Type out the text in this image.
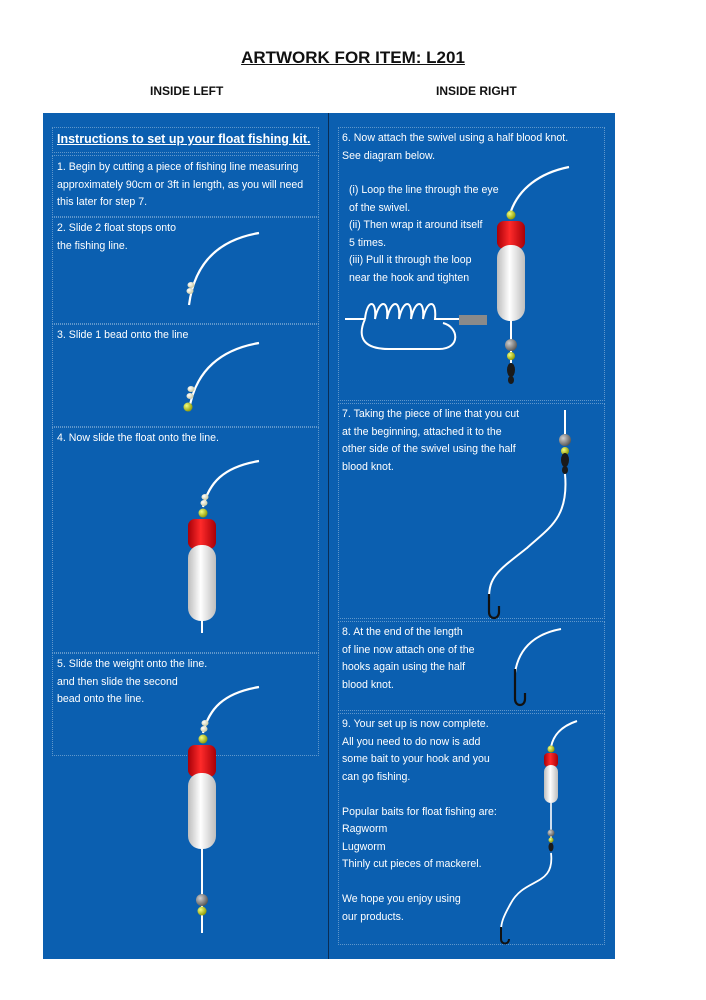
ARTWORK FOR ITEM: L201
INSIDE LEFT	INSIDE RIGHT
Instructions to set up your float fishing kit.
1. Begin by cutting a piece of fishing line measuring
approximately 90cm or 3ft in length, as you will need
this later for step 7.
2. Slide 2 float stops onto
the fishing line.
3. Slide 1 bead onto the line
4. Now slide the float onto the line.
5. Slide the weight onto the line.
and then slide the second
bead onto the line.
6. Now attach the swivel using a half blood knot.
See diagram below.
(i) Loop the line through the eye
of the swivel.
(ii) Then wrap it around itself
5 times.
(iii) Pull it through the loop
near the hook and tighten
7. Taking the piece of line that you cut
at the beginning, attached it to the
other side of the swivel using the half
blood knot.
8. At the end of the length
of line now attach one of the
hooks again using the half
blood knot.
9. Your set up is now complete.
All you need to do now is add
some bait to your hook and you
can go fishing.

Popular baits for float fishing are:
Ragworm
Lugworm
Thinly cut pieces of mackerel.

We hope you enjoy using
our products.
